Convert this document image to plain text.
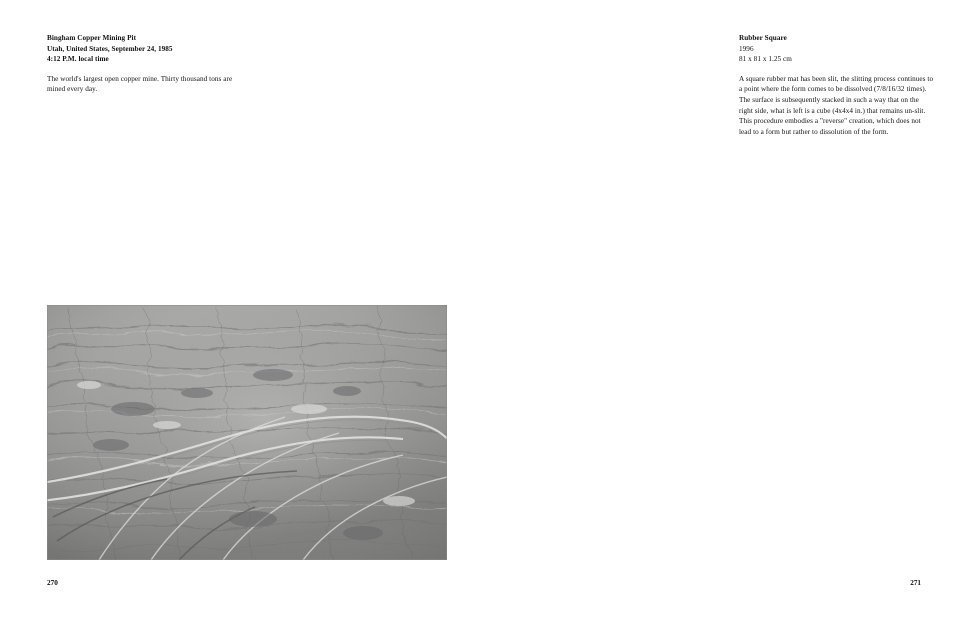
Bingham Copper Mining Pit
Utah, United States, September 24, 1985
4:12 P.M. local time

The world's largest open copper mine. Thirty thousand tons are mined every day.

270
Rubber Square
1996
81 x 81 x 1.25 cm

A square rubber mat has been slit, the slitting process continues to a point where the form comes to be dissolved (7/8/16/32 times). The surface is subsequently stacked in such a way that on the right side, what is left is a cube (4x4x4 in.) that remains un-slit. This procedure embodies a "reverse" creation, which does not lead to a form but rather to dissolution of the form.

271
